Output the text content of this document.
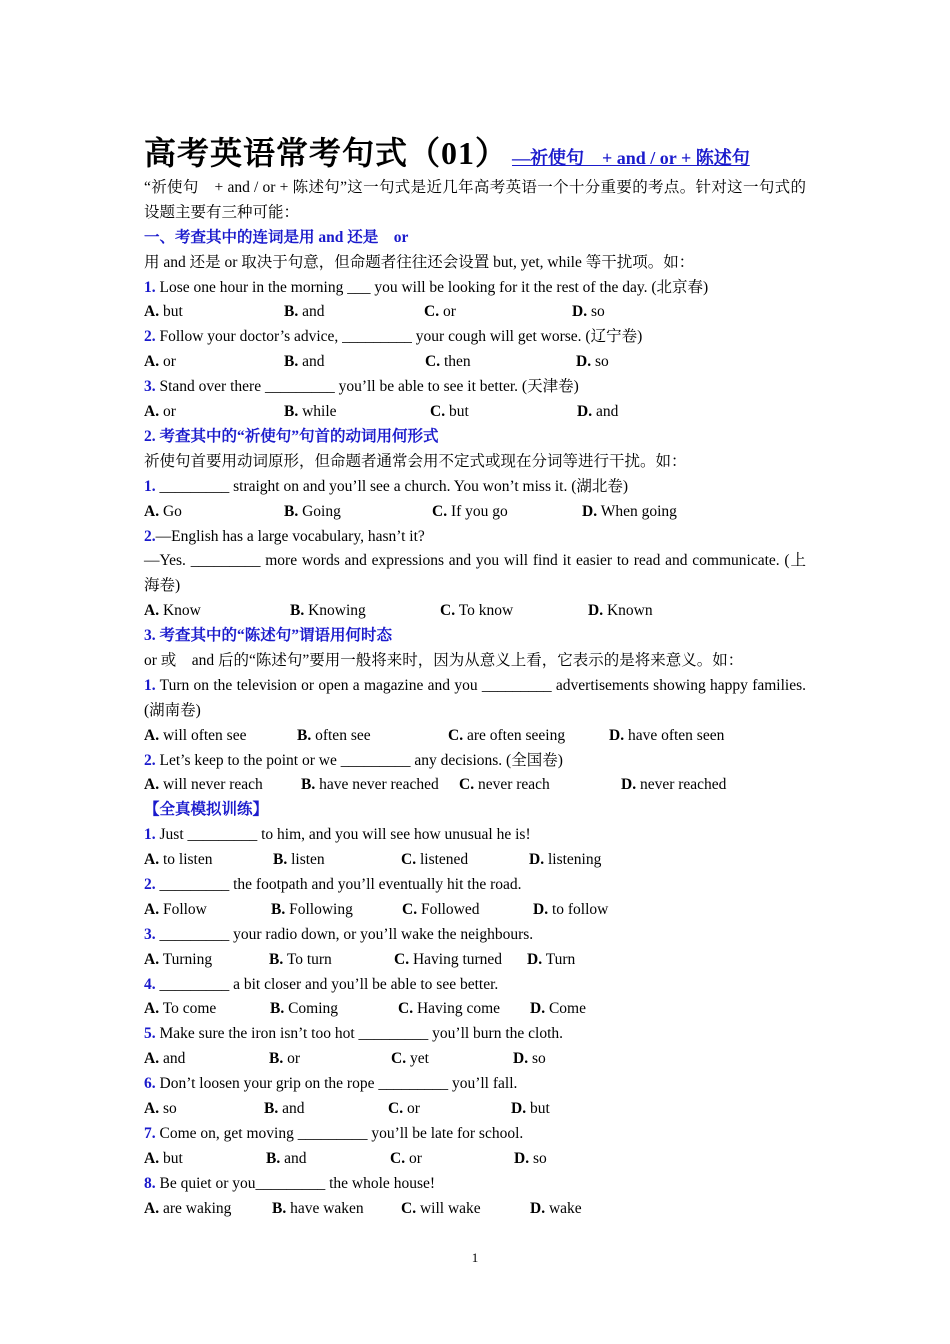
高考英语常考句式（01） —祈使句　+ and / or + 陈述句
“祈使句　+ and / or + 陈述句”这一句式是近几年高考英语一个十分重要的考点。针对这一句式的设题主要有三种可能：
一、考查其中的连词是用 and 还是　or
用 and 还是 or 取决于句意，但命题者往往还会设置 but, yet, while 等干扰项。如：
1. Lose one hour in the morning ___ you will be looking for it the rest of the day. (北京春)
A. but	B. and	C. or	D. so
2. Follow your doctor’s advice, _________ your cough will get worse. (辽宁卷)
A. or	B. and	C. then	D. so
3. Stand over there _________ you’ll be able to see it better. (天津卷)
A. or	B. while	C. but	D. and
2. 考查其中的“祈使句”句首的动词用何形式
祈使句首要用动词原形，但命题者通常会用不定式或现在分词等进行干扰。如：
1. _________ straight on and you’ll see a church. You won’t miss it. (湖北卷)
A. Go	B. Going	C. If you go	D. When going
2.—English has a large vocabulary, hasn’t it?
—Yes. _________ more words and expressions and you will find it easier to read and communicate. (上海卷)
A. Know	B. Knowing	C. To know	D. Known
3. 考查其中的“陈述句”谓语用何时态
or 或　and 后的“陈述句”要用一般将来时，因为从意义上看，它表示的是将来意义。如：
1. Turn on the television or open a magazine and you _________ advertisements showing happy families. (湖南卷)
A. will often see	B. often see	C. are often seeing	D. have often seen
2. Let’s keep to the point or we _________ any decisions. (全国卷)
A. will never reach B. have never reached C. never reach	D. never reached
【全真模拟训练】
1. Just _________ to him, and you will see how unusual he is!
A. to listen	B. listen	C. listened	D. listening
2. _________ the footpath and you’ll eventually hit the road.
A. Follow	B. Following	C. Followed	D. to follow
3. _________ your radio down, or you’ll wake the neighbours.
A. Turning	B. To turn	C. Having turned D. Turn
4. _________ a bit closer and you’ll be able to see better.
A. To come	B. Coming	C. Having come D. Come
5. Make sure the iron isn’t too hot _________ you’ll burn the cloth.
A. and	B. or	C. yet	D. so
6. Don’t loosen your grip on the rope _________ you’ll fall.
A. so	B. and	C. or	D. but
7. Come on, get moving _________ you’ll be late for school.
A. but	B. and	C. or	D. so
8. Be quiet or you_________ the whole house!
A. are waking	B. have waken C. will wake	D. wake
1
